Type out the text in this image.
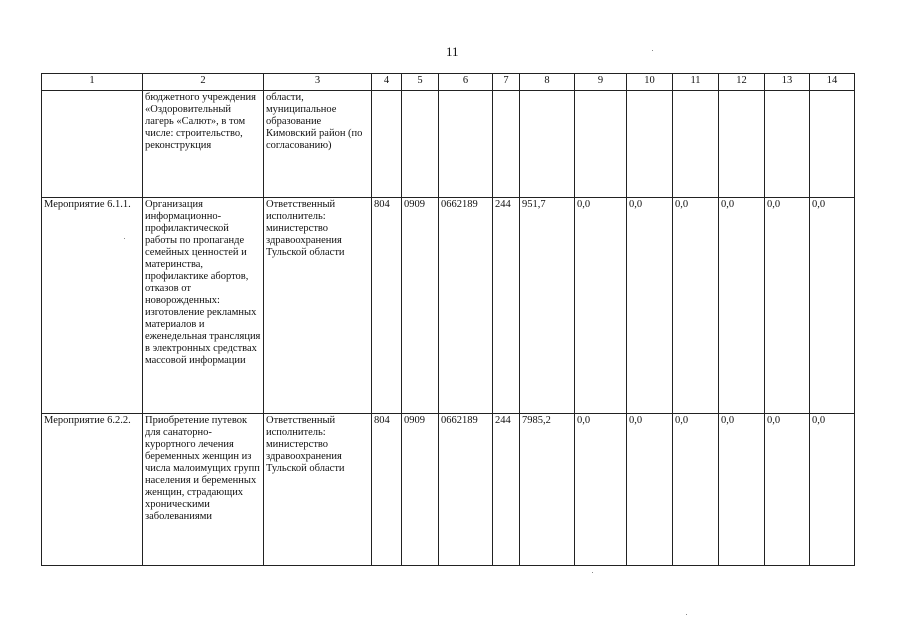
11
1	2	3	4	5	6	7	8	9	10	11	12	13	14
	бюджетного учреждения «Оздоровительный лагерь «Салют», в том числе: строительство, реконструкция	области, муниципальное образование Кимовский район (по согласованию)											
Мероприятие 6.1.1.	Организация информационно-профилактической работы по пропаганде семейных ценностей и материнства, профилактике абортов, отказов от новорожденных: изготовление рекламных материалов и еженедельная трансляция в электронных средствах массовой информации	Ответственный исполнитель: министерство здравоохранения Тульской области	804	0909	0662189	244	951,7	0,0	0,0	0,0	0,0	0,0	0,0
Мероприятие 6.2.2.	Приобретение путевок для санаторно-курортного лечения беременных женщин из числа малоимущих групп населения и беременных женщин, страдающих хроническими заболеваниями	Ответственный исполнитель: министерство здравоохранения Тульской области	804	0909	0662189	244	7985,2	0,0	0,0	0,0	0,0	0,0	0,0
